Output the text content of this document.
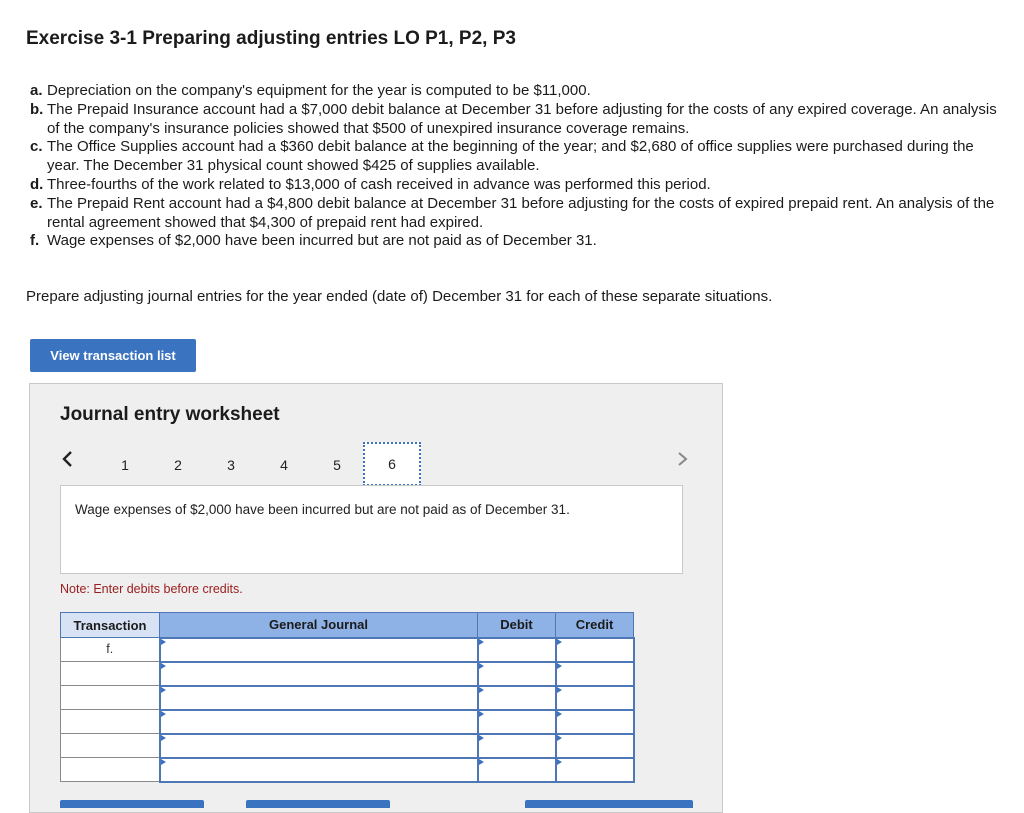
Exercise 3-1 Preparing adjusting entries LO P1, P2, P3
a. Depreciation on the company's equipment for the year is computed to be $11,000.
b. The Prepaid Insurance account had a $7,000 debit balance at December 31 before adjusting for the costs of any expired coverage. An analysis of the company's insurance policies showed that $500 of unexpired insurance coverage remains.
c. The Office Supplies account had a $360 debit balance at the beginning of the year; and $2,680 of office supplies were purchased during the year. The December 31 physical count showed $425 of supplies available.
d. Three-fourths of the work related to $13,000 of cash received in advance was performed this period.
e. The Prepaid Rent account had a $4,800 debit balance at December 31 before adjusting for the costs of expired prepaid rent. An analysis of the rental agreement showed that $4,300 of prepaid rent had expired.
f. Wage expenses of $2,000 have been incurred but are not paid as of December 31.

Prepare adjusting journal entries for the year ended (date of) December 31 for each of these separate situations.

View transaction list
Journal entry worksheet
1	2	3	4	5	6
Wage expenses of $2,000 have been incurred but are not paid as of December 31.
Note: Enter debits before credits.
Transaction	General Journal	Debit	Credit
f.			
